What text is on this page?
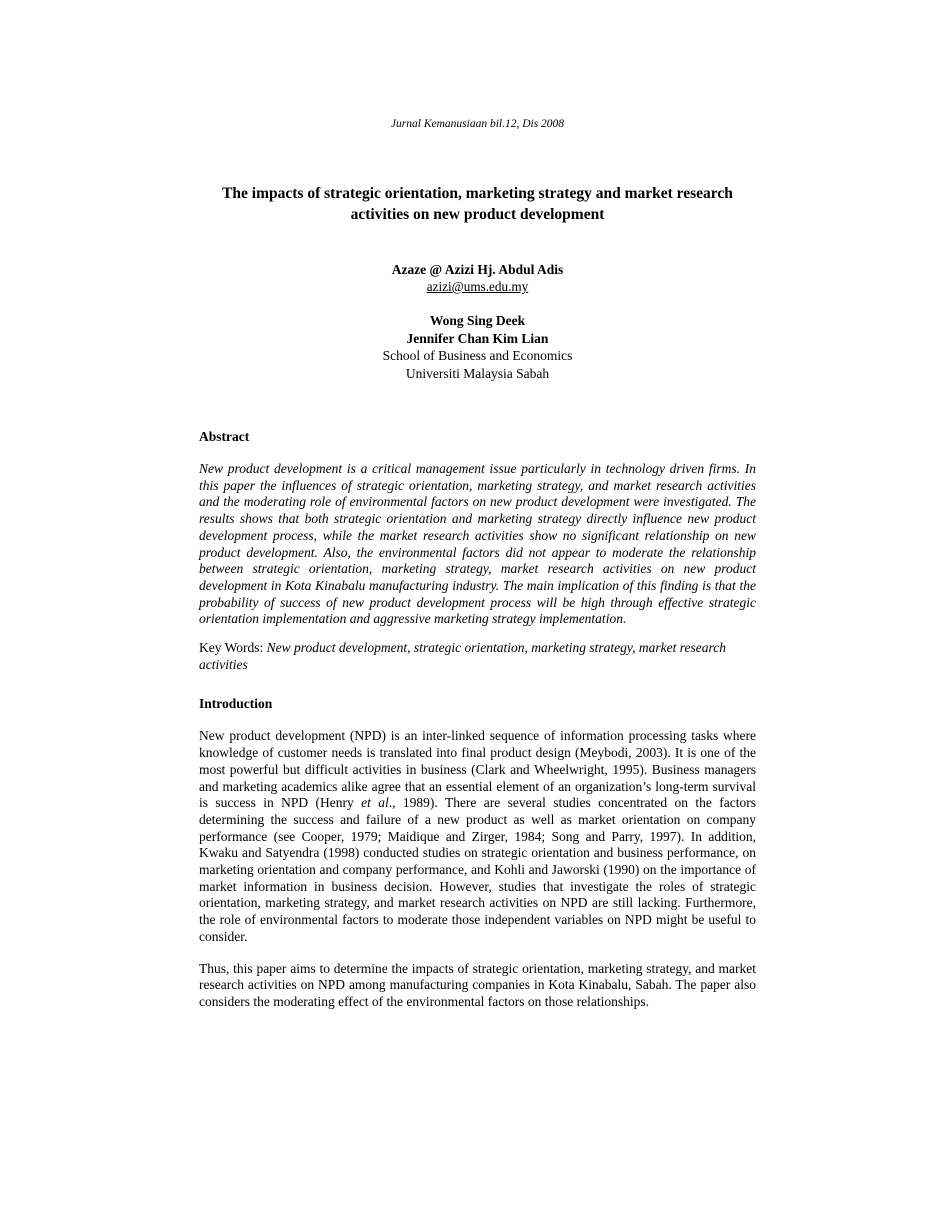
Jurnal Kemanusiaan bil.12, Dis 2008
The impacts of strategic orientation, marketing strategy and market research activities on new product development
Azaze @ Azizi Hj. Abdul Adis
azizi@ums.edu.my
Wong Sing Deek
Jennifer Chan Kim Lian
School of Business and Economics
Universiti Malaysia Sabah
Abstract

New product development is a critical management issue particularly in technology driven firms. In this paper the influences of strategic orientation, marketing strategy, and market research activities and the moderating role of environmental factors on new product development were investigated. The results shows that both strategic orientation and marketing strategy directly influence new product development process, while the market research activities show no significant relationship on new product development. Also, the environmental factors did not appear to moderate the relationship between strategic orientation, marketing strategy, market research activities on new product development in Kota Kinabalu manufacturing industry. The main implication of this finding is that the probability of success of new product development process will be high through effective strategic orientation implementation and aggressive marketing strategy implementation.

Key Words: New product development, strategic orientation, marketing strategy, market research activities

Introduction

New product development (NPD) is an inter-linked sequence of information processing tasks where knowledge of customer needs is translated into final product design (Meybodi, 2003). It is one of the most powerful but difficult activities in business (Clark and Wheelwright, 1995). Business managers and marketing academics alike agree that an essential element of an organization’s long-term survival is success in NPD (Henry et al., 1989). There are several studies concentrated on the factors determining the success and failure of a new product as well as market orientation on company performance (see Cooper, 1979; Maidique and Zirger, 1984; Song and Parry, 1997). In addition, Kwaku and Satyendra (1998) conducted studies on strategic orientation and business performance, on marketing orientation and company performance, and Kohli and Jaworski (1990) on the importance of market information in business decision. However, studies that investigate the roles of strategic orientation, marketing strategy, and market research activities on NPD are still lacking. Furthermore, the role of environmental factors to moderate those independent variables on NPD might be useful to consider.

Thus, this paper aims to determine the impacts of strategic orientation, marketing strategy, and market research activities on NPD among manufacturing companies in Kota Kinabalu, Sabah. The paper also considers the moderating effect of the environmental factors on those relationships.
